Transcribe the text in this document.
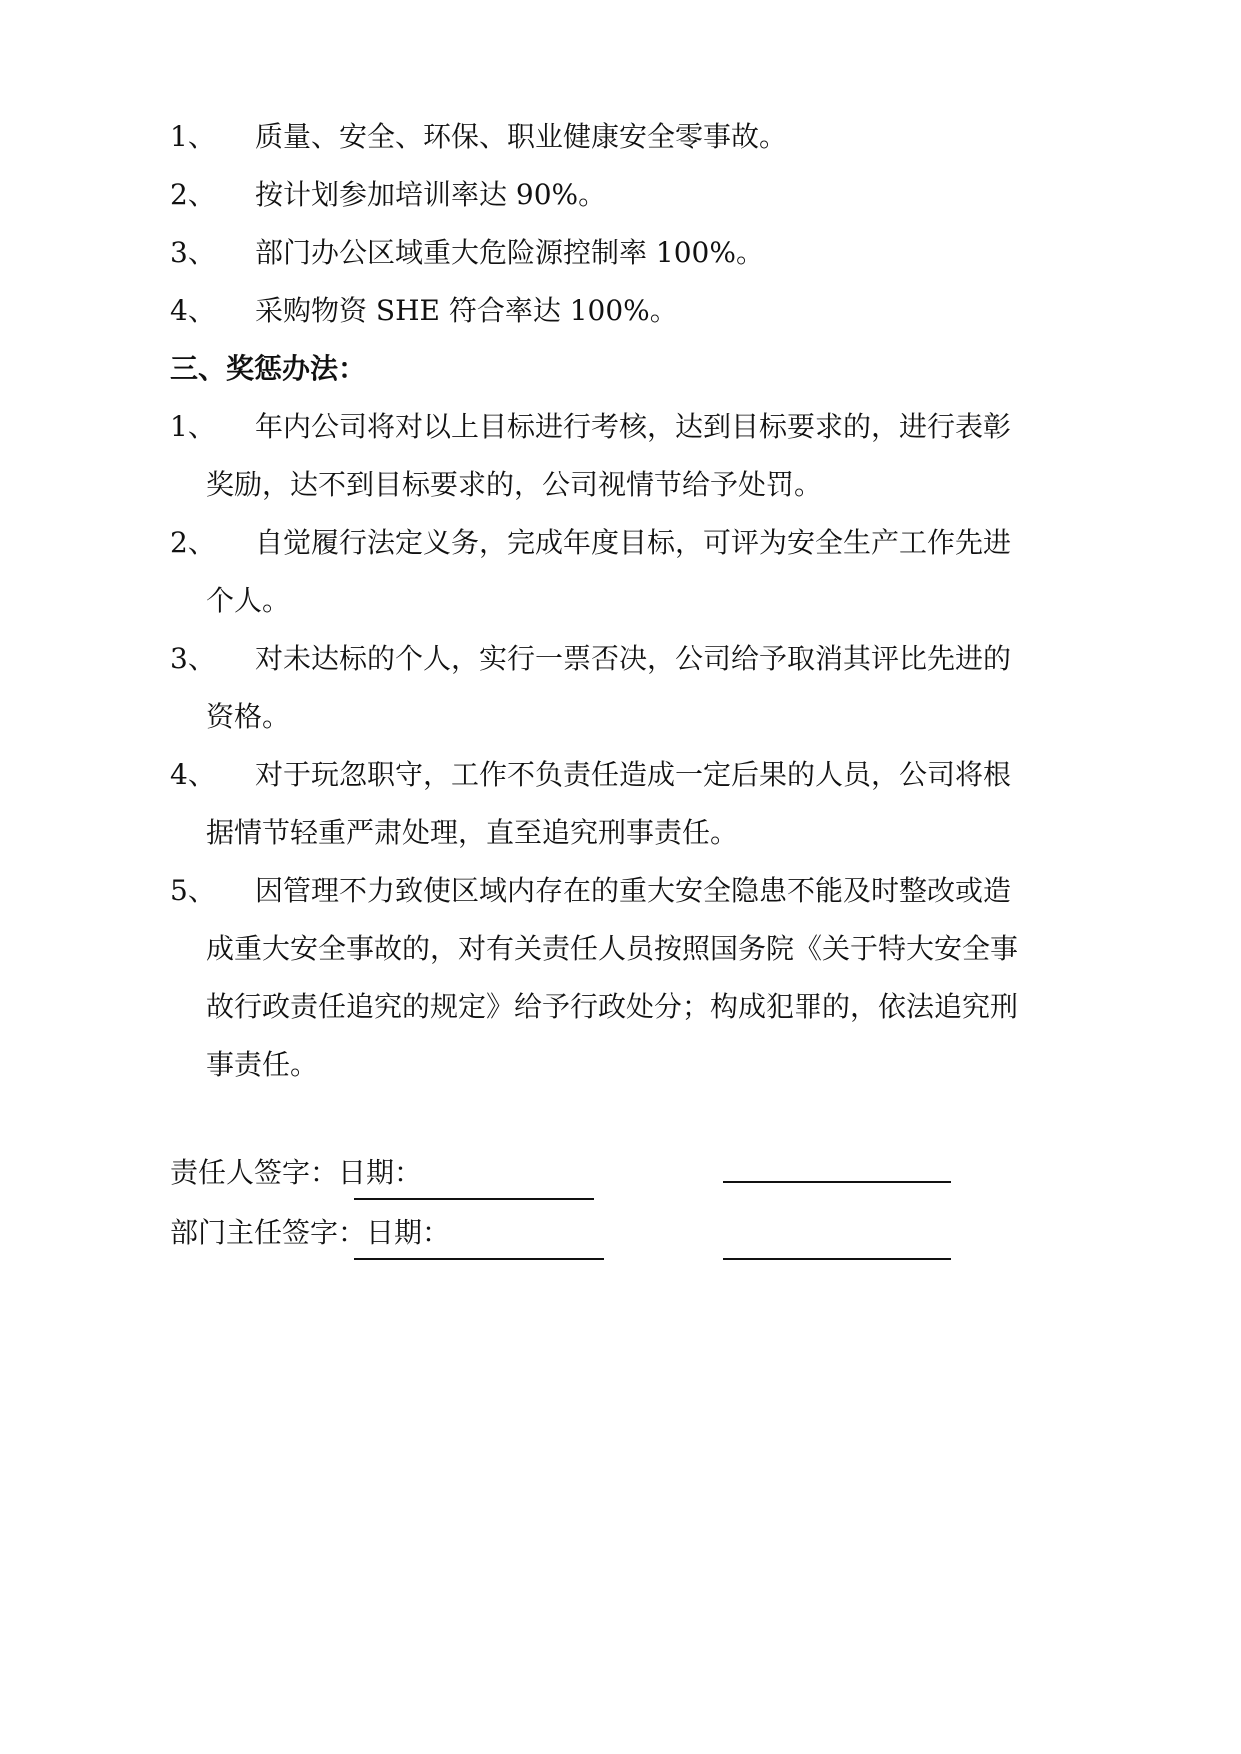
1、 质量、安全、环保、职业健康安全零事故。
2、 按计划参加培训率达 90%。
3、 部门办公区域重大危险源控制率 100%。
4、 采购物资 SHE 符合率达 100%。
三、奖惩办法：
1、 年内公司将对以上目标进行考核，达到目标要求的，进行表彰
奖励，达不到目标要求的，公司视情节给予处罚。
2、 自觉履行法定义务，完成年度目标，可评为安全生产工作先进
个人。
3、 对未达标的个人，实行一票否决，公司给予取消其评比先进的
资格。
4、 对于玩忽职守，工作不负责任造成一定后果的人员，公司将根
据情节轻重严肃处理，直至追究刑事责任。
5、 因管理不力致使区域内存在的重大安全隐患不能及时整改或造
成重大安全事故的，对有关责任人员按照国务院《关于特大安全事
故行政责任追究的规定》给予行政处分；构成犯罪的，依法追究刑
事责任。
责任人签字：日期：
部门主任签字：日期：
